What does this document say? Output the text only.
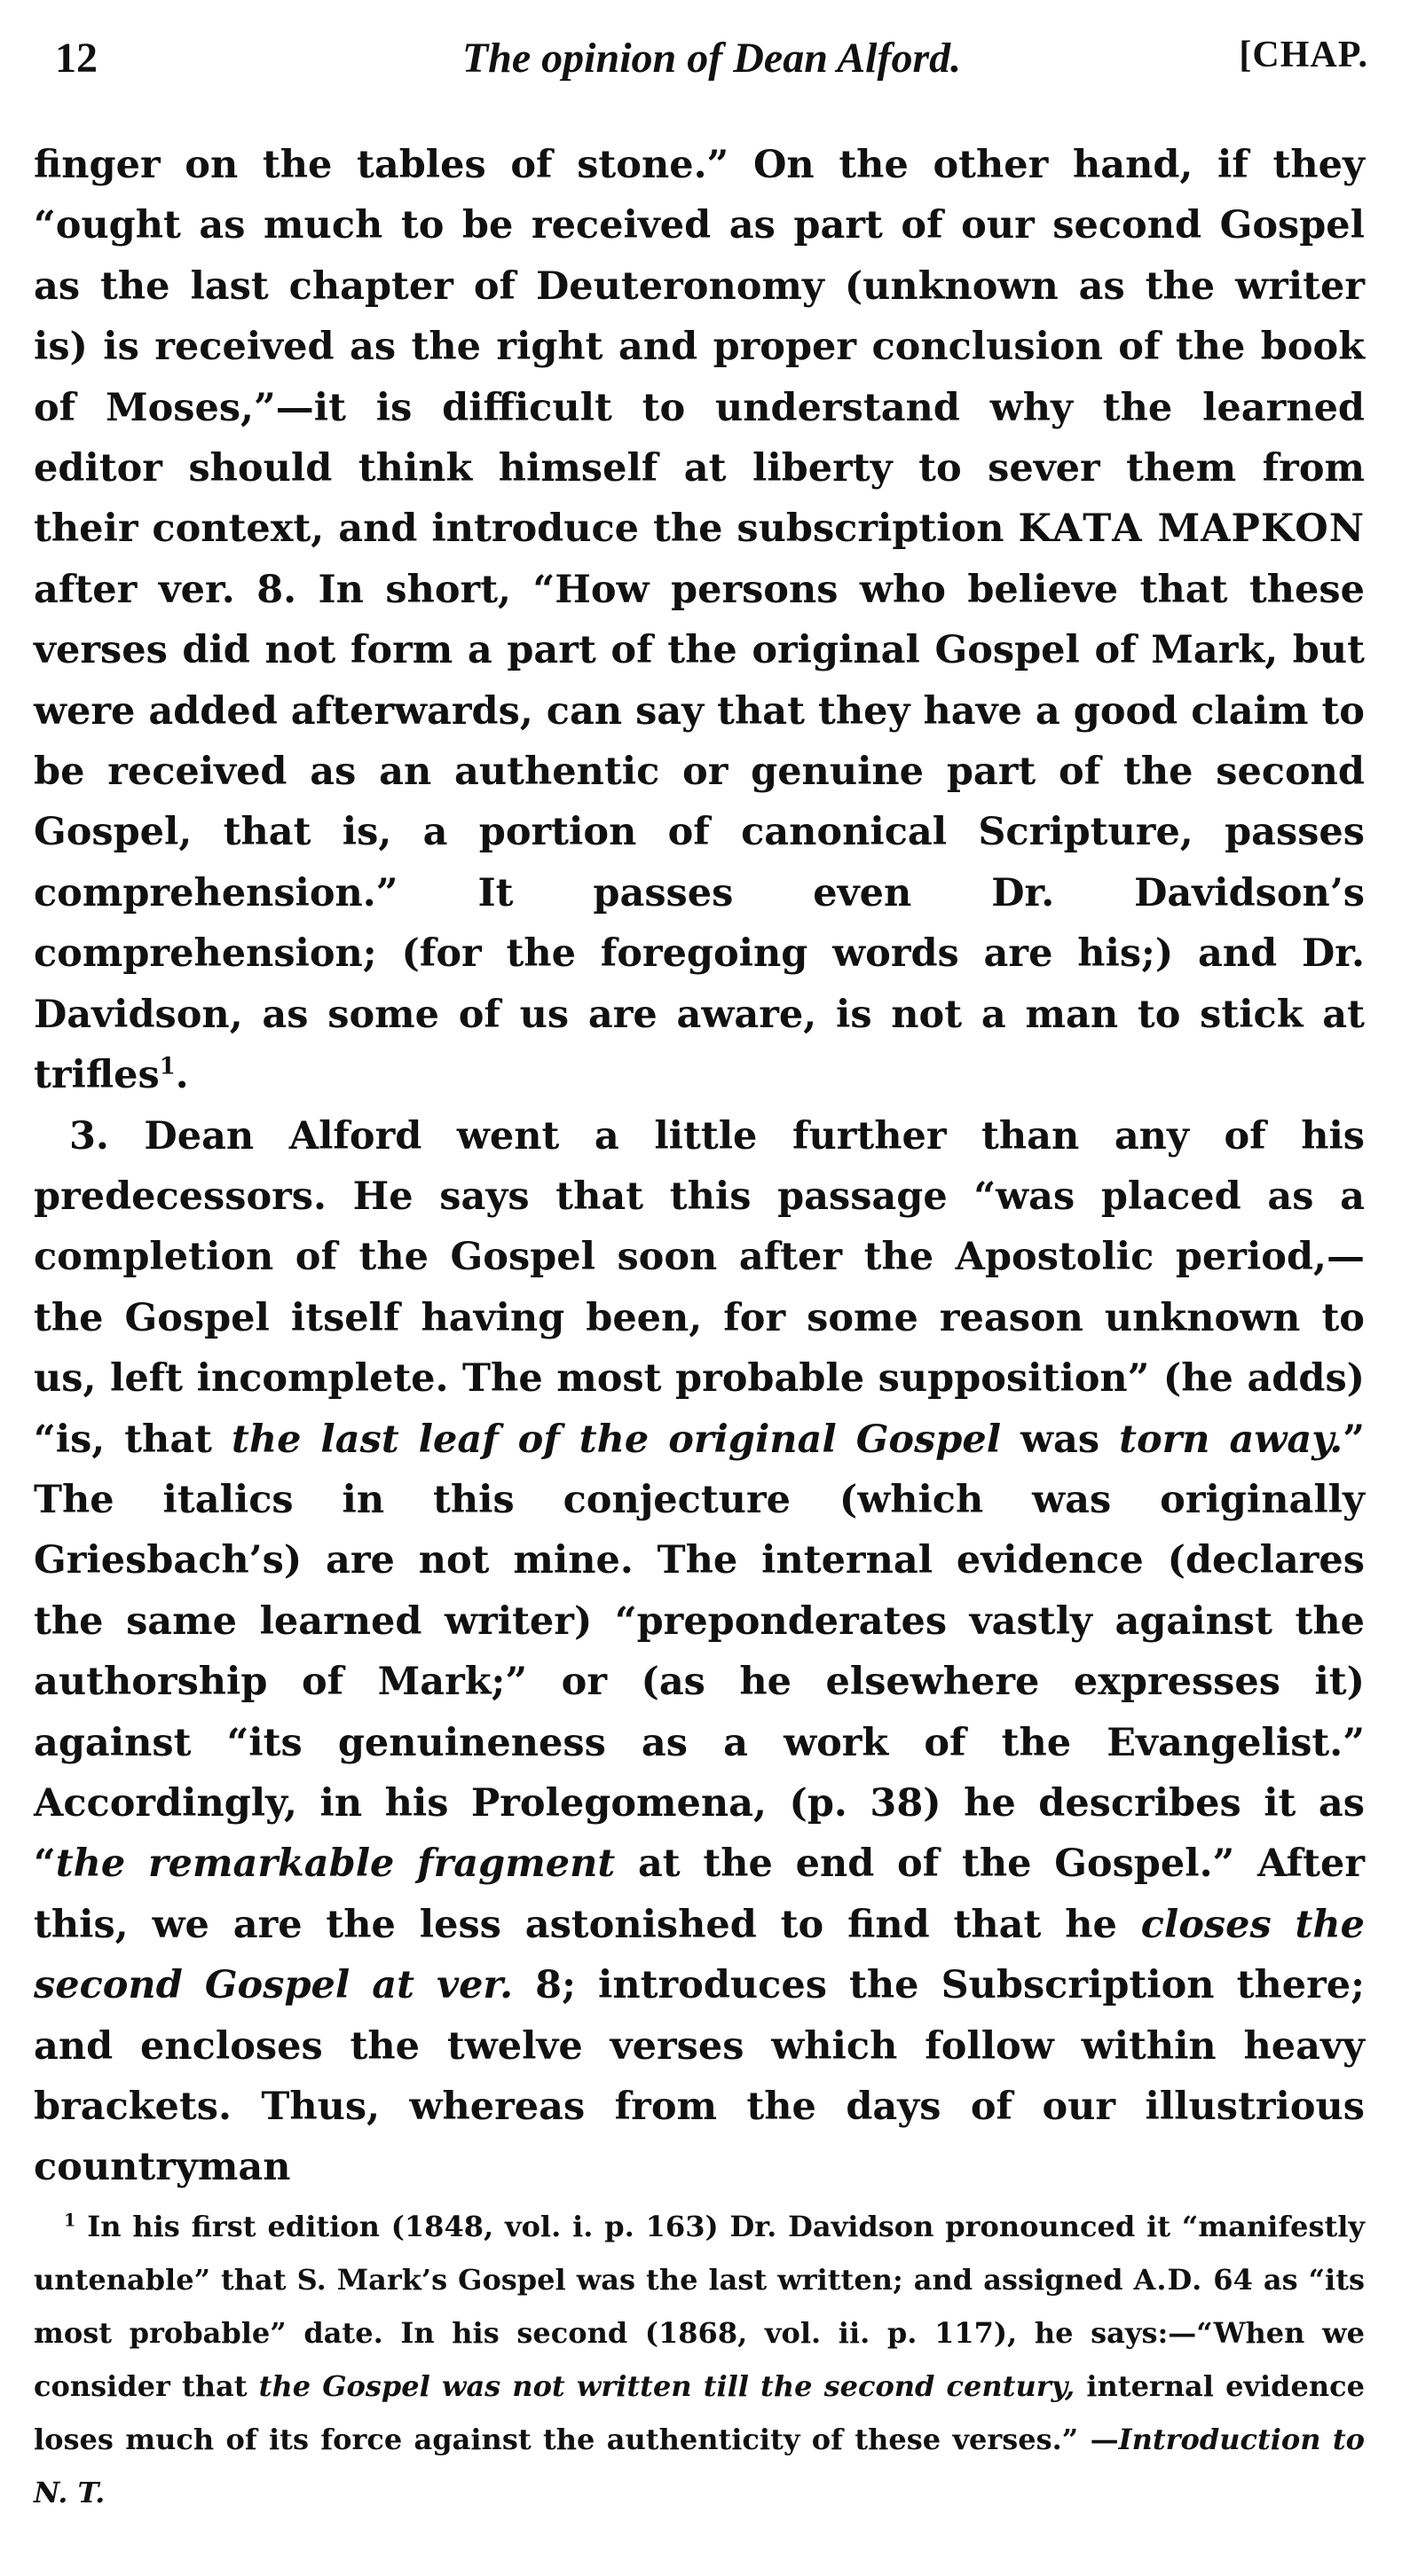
12	The opinion of Dean Alford.	[CHAP.

finger on the tables of stone.” On the other hand, if they “ought as much to be received as part of our second Gospel as the last chapter of Deuteronomy (unknown as the writer is) is received as the right and proper conclusion of the book of Moses,”—it is difficult to understand why the learned editor should think himself at liberty to sever them from their context, and introduce the subscription ΚΑΤΑ ΜΑΡΚΟΝ after ver. 8. In short, “How persons who believe that these verses did not form a part of the original Gospel of Mark, but were added afterwards, can say that they have a good claim to be received as an authentic or genuine part of the second Gospel, that is, a portion of canonical Scripture, passes comprehension.” It passes even Dr. Davidson’s comprehension; (for the foregoing words are his;) and Dr. Davidson, as some of us are aware, is not a man to stick at trifles$^1$.

3. Dean Alford went a little further than any of his predecessors. He says that this passage “was placed as a completion of the Gospel soon after the Apostolic period,—the Gospel itself having been, for some reason unknown to us, left incomplete. The most probable supposition” (he adds) “is, that the last leaf of the original Gospel was torn away.” The italics in this conjecture (which was originally Griesbach’s) are not mine. The internal evidence (declares the same learned writer) “preponderates vastly against the authorship of Mark;” or (as he elsewhere expresses it) against “its genuineness as a work of the Evangelist.” Accordingly, in his Prolegomena, (p. 38) he describes it as “the remarkable fragment at the end of the Gospel.” After this, we are the less astonished to find that he closes the second Gospel at ver. 8; introduces the Subscription there; and encloses the twelve verses which follow within heavy brackets. Thus, whereas from the days of our illustrious countryman

$^1$ In his first edition (1848, vol. i. p. 163) Dr. Davidson pronounced it “manifestly untenable” that S. Mark’s Gospel was the last written; and assigned A.D. 64 as “its most probable” date. In his second (1868, vol. ii. p. 117), he says:—“When we consider that the Gospel was not written till the second century, internal evidence loses much of its force against the authenticity of these verses.” —Introduction to N. T.
